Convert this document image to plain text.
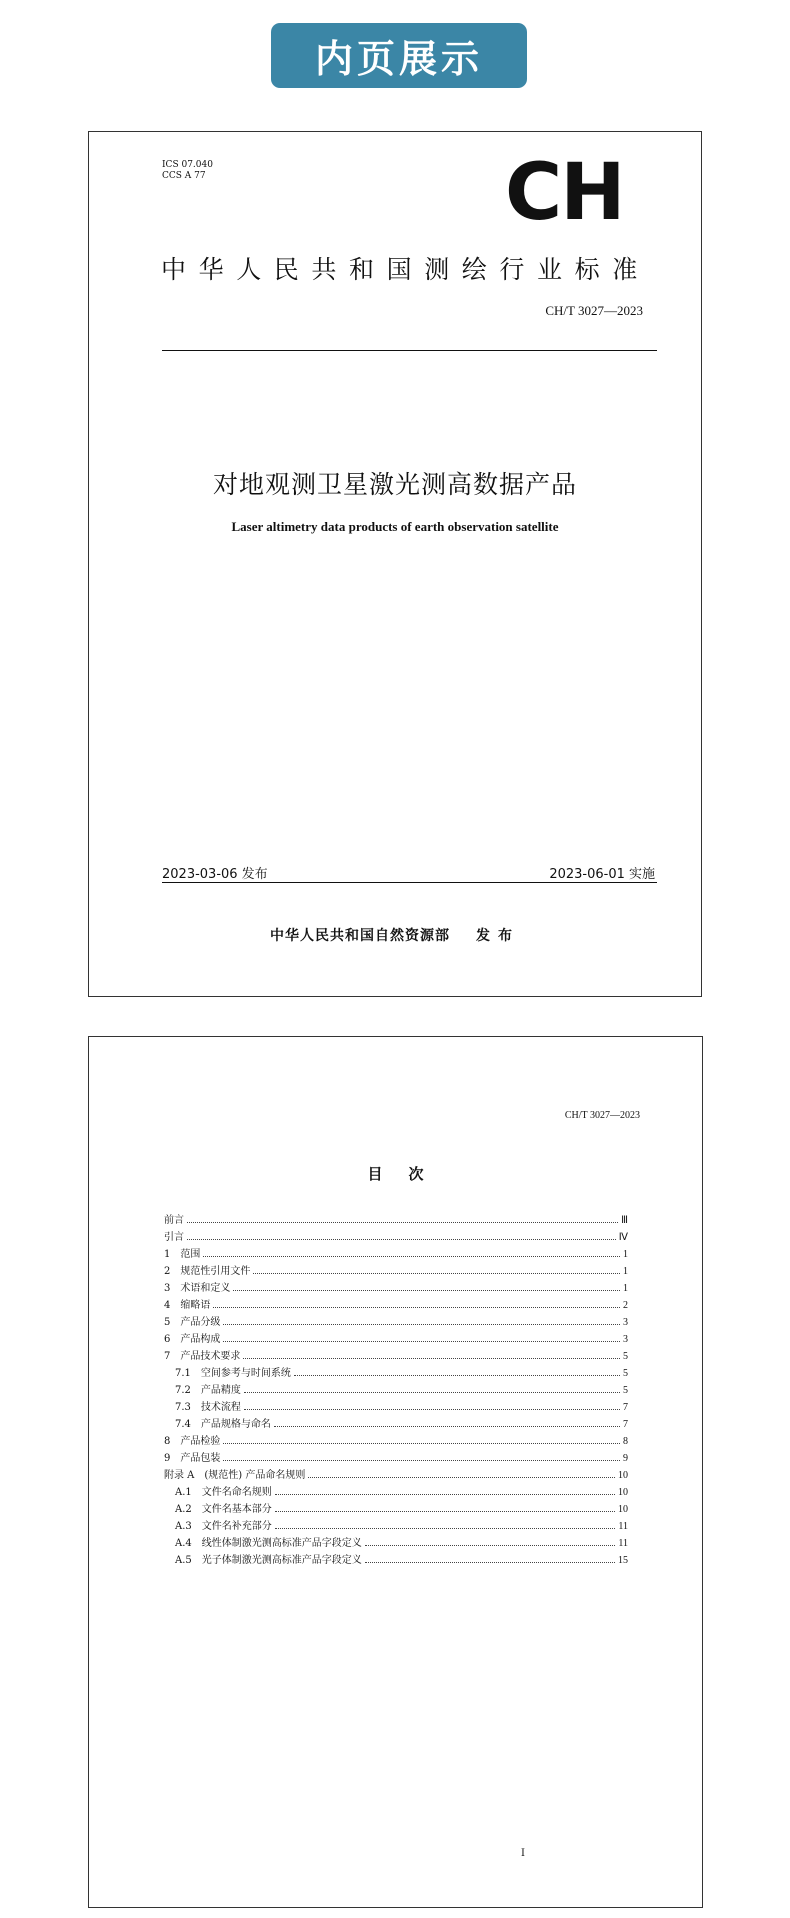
内页展示
ICS 07.040
CCS A 77	CH
中华人民共和国测绘行业标准
CH/T 3027—2023
对地观测卫星激光测高数据产品
Laser altimetry data products of earth observation satellite
2023-03-06 发布	2023-06-01 实施
中华人民共和国自然资源部 发布
CH/T 3027—2023
目次
前言	Ⅲ
引言	Ⅳ
1 范围	1
2 规范性引用文件	1
3 术语和定义	1
4 缩略语	2
5 产品分级	3
6 产品构成	3
7 产品技术要求	5
7.1 空间参考与时间系统	5
7.2 产品精度	5
7.3 技术流程	7
7.4 产品规格与命名	7
8 产品检验	8
9 产品包装	9
附录 A (规范性) 产品命名规则	10
A.1 文件名命名规则	10
A.2 文件名基本部分	10
A.3 文件名补充部分	11
A.4 线性体制激光测高标准产品字段定义	11
A.5 光子体制激光测高标准产品字段定义	15
I
